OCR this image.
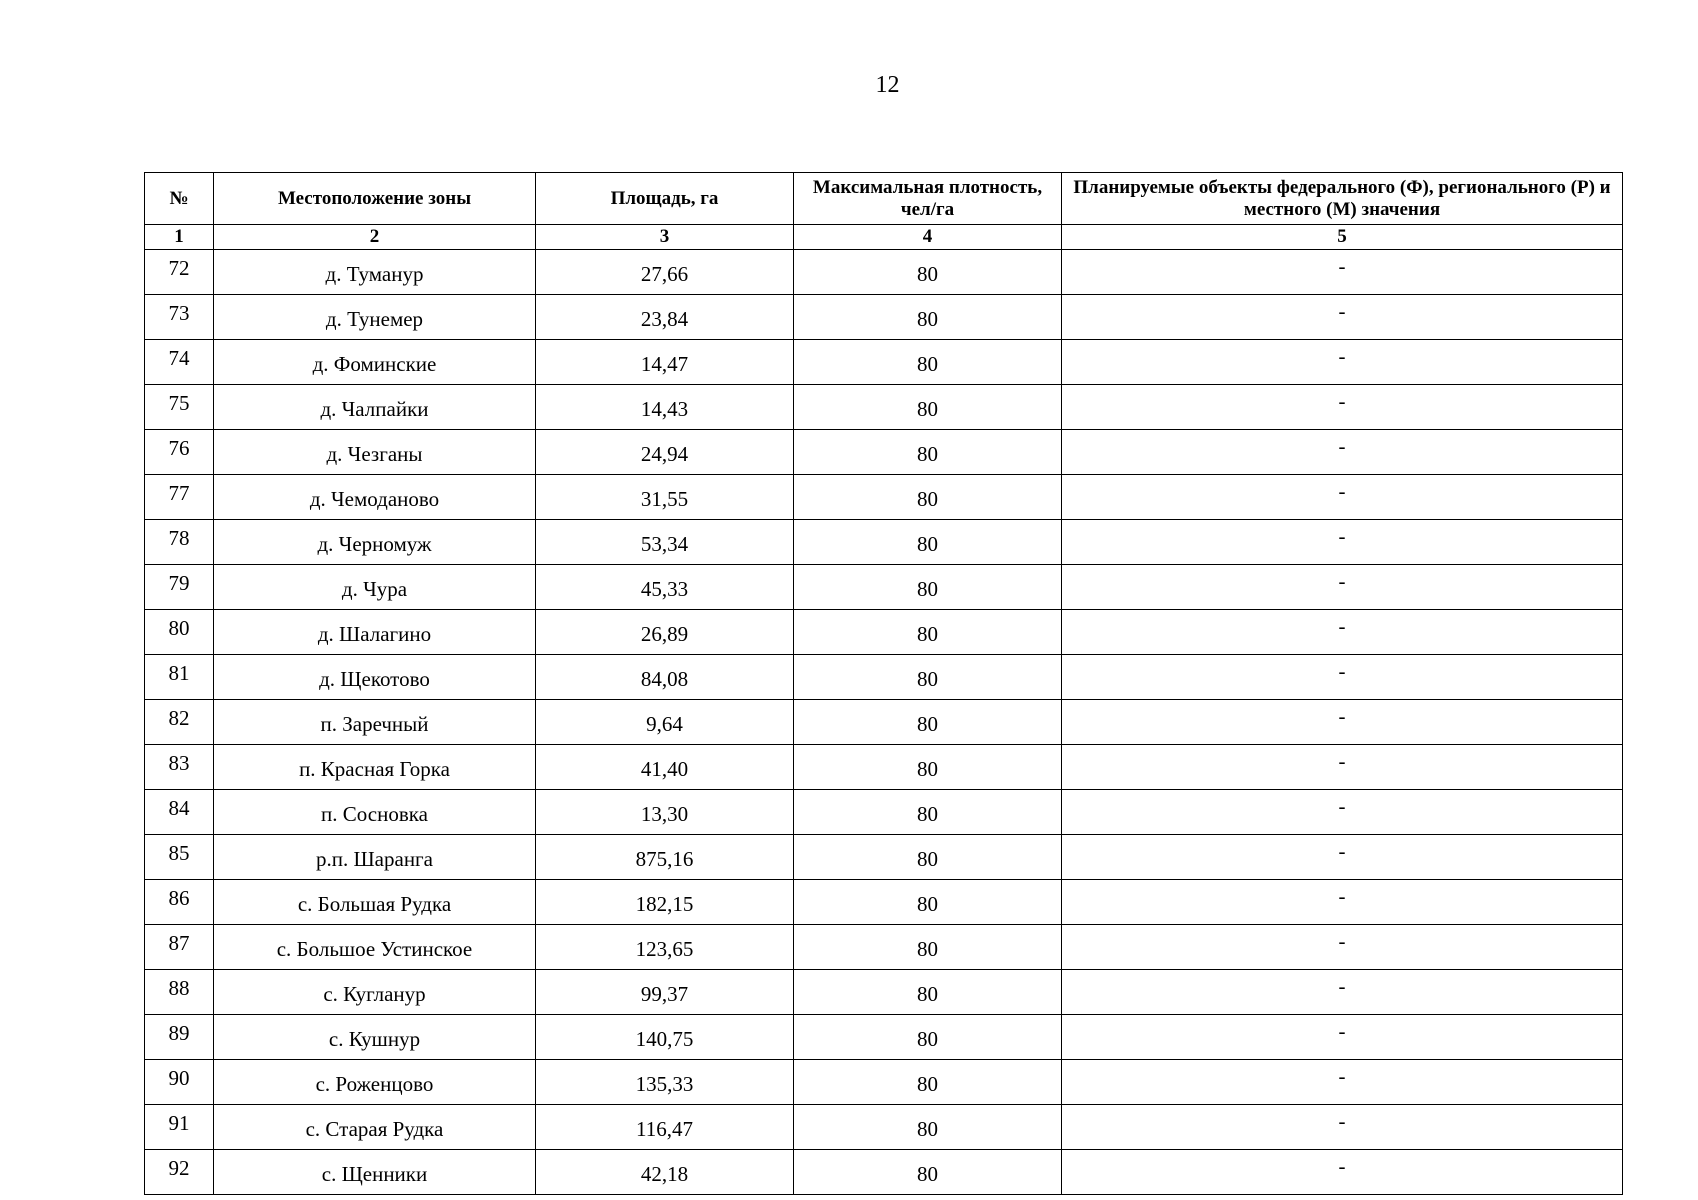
12
№	Местоположение зоны	Площадь, га	Максимальная плотность, чел/га	Планируемые объекты федерального (Ф), регионального (Р) и местного (М) значения
1	2	3	4	5
72	д. Туманур	27,66	80	-
73	д. Тунемер	23,84	80	-
74	д. Фоминские	14,47	80	-
75	д. Чалпайки	14,43	80	-
76	д. Чезганы	24,94	80	-
77	д. Чемоданово	31,55	80	-
78	д. Черномуж	53,34	80	-
79	д. Чура	45,33	80	-
80	д. Шалагино	26,89	80	-
81	д. Щекотово	84,08	80	-
82	п. Заречный	9,64	80	-
83	п. Красная Горка	41,40	80	-
84	п. Сосновка	13,30	80	-
85	р.п. Шаранга	875,16	80	-
86	с. Большая Рудка	182,15	80	-
87	с. Большое Устинское	123,65	80	-
88	с. Кугланур	99,37	80	-
89	с. Кушнур	140,75	80	-
90	с. Роженцово	135,33	80	-
91	с. Старая Рудка	116,47	80	-
92	с. Щенники	42,18	80	-
